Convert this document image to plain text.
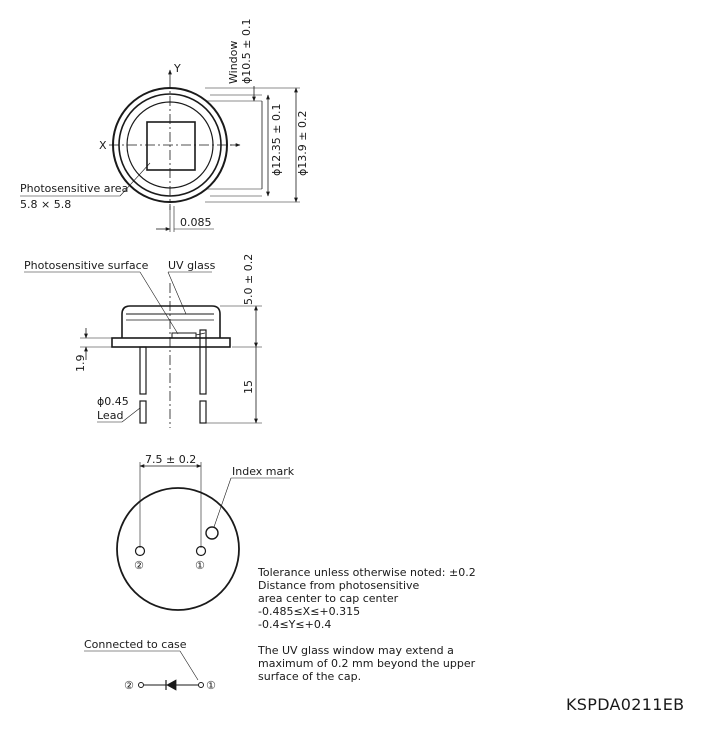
Y
X
Window ϕ10.5 ± 0.1
ϕ12.35 ± 0.1 ϕ13.9 ± 0.2
Photosensitive area
5.8 × 5.8
0.085
Photosensitive surface UV glass 5.0 ± 0.2
1.9
15
ϕ0.45
Lead
7.5 ± 0.2
Index mark
②	①
Connected to case
②	①
Tolerance unless otherwise noted: ±0.2
Distance from photosensitive
area center to cap center
-0.485≤X≤+0.315
-0.4≤Y≤+0.4
The UV glass window may extend a
maximum of 0.2 mm beyond the upper
surface of the cap.
KSPDA0211EB
